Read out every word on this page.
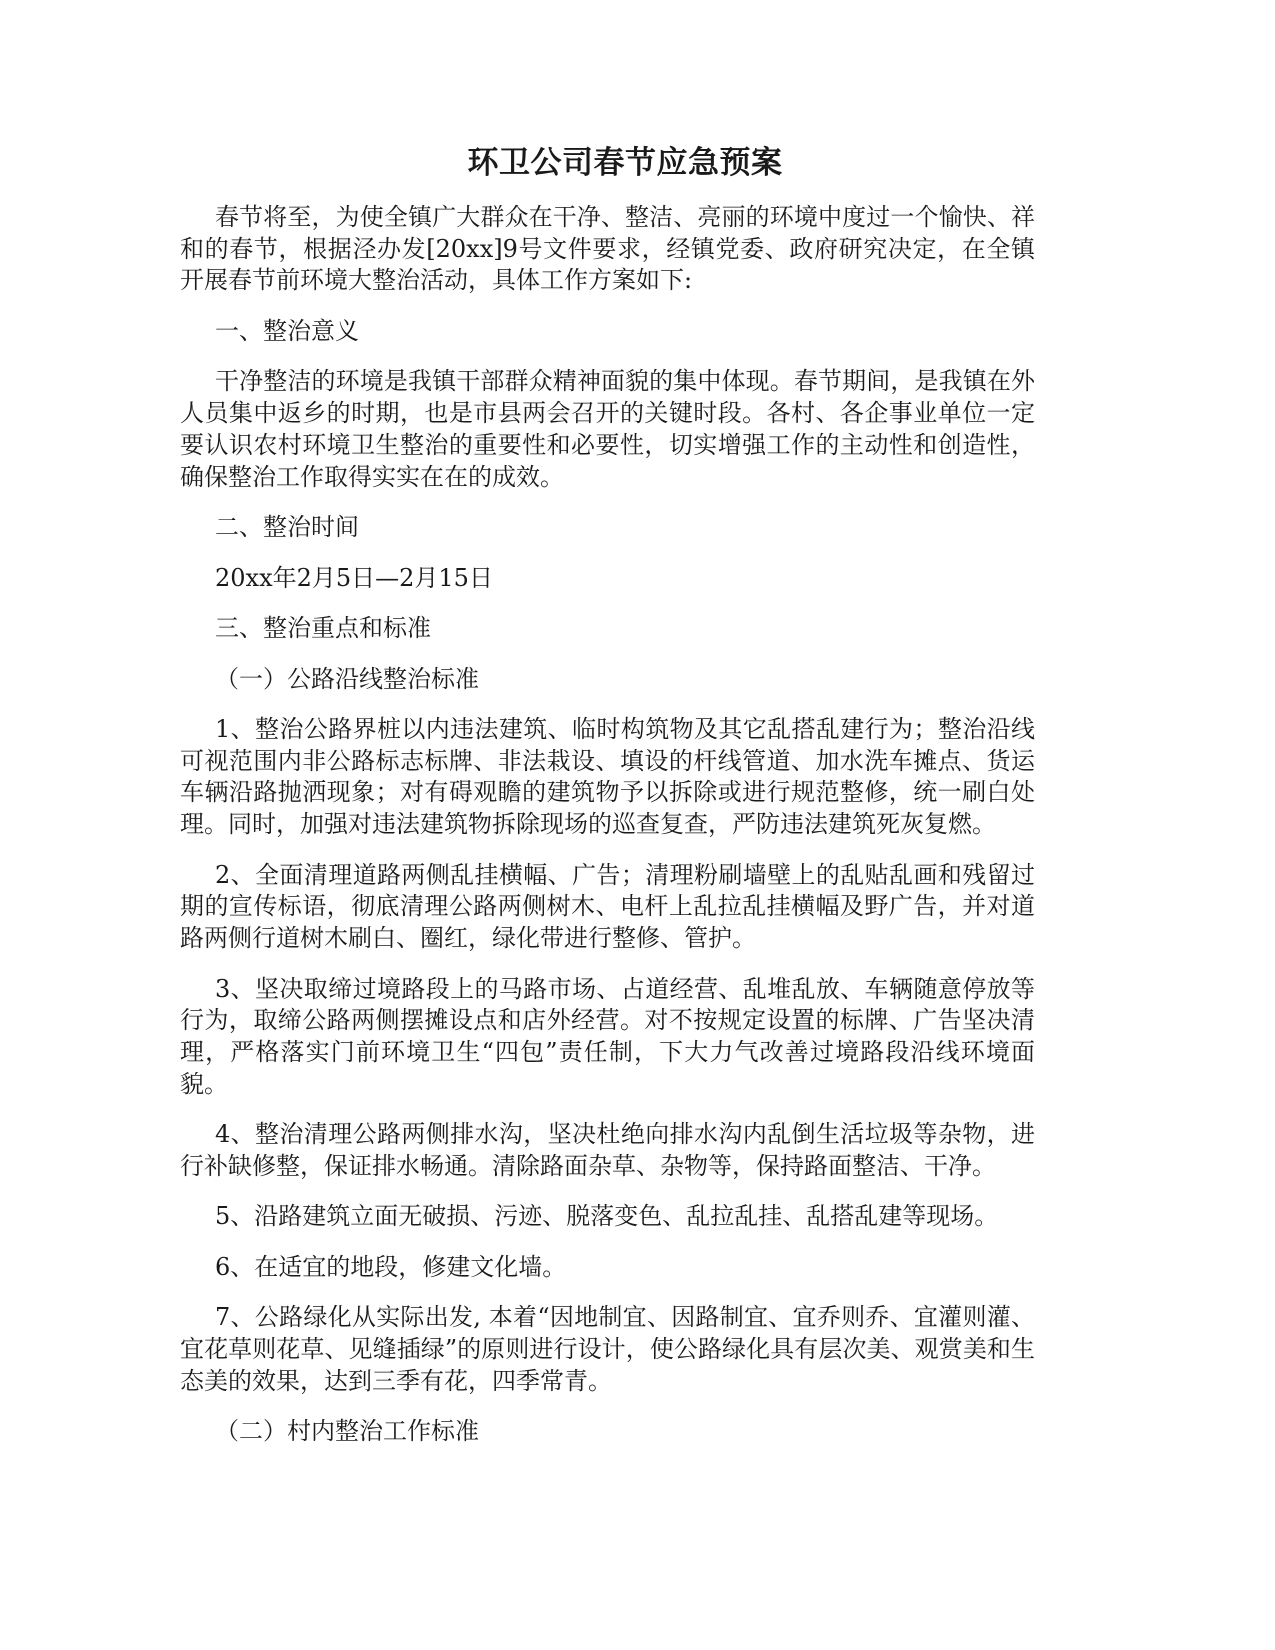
环卫公司春节应急预案

春节将至，为使全镇广大群众在干净、整洁、亮丽的环境中度过一个愉快、祥和的春节，根据泾办发[20xx]9号文件要求，经镇党委、政府研究决定，在全镇开展春节前环境大整治活动，具体工作方案如下:

一、整治意义

干净整洁的环境是我镇干部群众精神面貌的集中体现。春节期间，是我镇在外人员集中返乡的时期，也是市县两会召开的关键时段。各村、各企事业单位一定要认识农村环境卫生整治的重要性和必要性，切实增强工作的主动性和创造性，确保整治工作取得实实在在的成效。

二、整治时间

20xx年2月5日—2月15日

三、整治重点和标准

（一）公路沿线整治标准

1、整治公路界桩以内违法建筑、临时构筑物及其它乱搭乱建行为；整治沿线可视范围内非公路标志标牌、非法栽设、填设的杆线管道、加水洗车摊点、货运车辆沿路抛洒现象；对有碍观瞻的建筑物予以拆除或进行规范整修，统一刷白处理。同时，加强对违法建筑物拆除现场的巡查复查，严防违法建筑死灰复燃。

2、全面清理道路两侧乱挂横幅、广告；清理粉刷墙壁上的乱贴乱画和残留过期的宣传标语，彻底清理公路两侧树木、电杆上乱拉乱挂横幅及野广告，并对道路两侧行道树木刷白、圈红，绿化带进行整修、管护。

3、坚决取缔过境路段上的马路市场、占道经营、乱堆乱放、车辆随意停放等行为，取缔公路两侧摆摊设点和店外经营。对不按规定设置的标牌、广告坚决清理，严格落实门前环境卫生“四包”责任制，下大力气改善过境路段沿线环境面貌。

4、整治清理公路两侧排水沟，坚决杜绝向排水沟内乱倒生活垃圾等杂物，进行补缺修整，保证排水畅通。清除路面杂草、杂物等，保持路面整洁、干净。

5、沿路建筑立面无破损、污迹、脱落变色、乱拉乱挂、乱搭乱建等现场。

6、在适宜的地段，修建文化墙。

7、公路绿化从实际出发, 本着“因地制宜、因路制宜、宜乔则乔、宜灌则灌、宜花草则花草、见缝插绿”的原则进行设计，使公路绿化具有层次美、观赏美和生态美的效果，达到三季有花，四季常青。

（二）村内整治工作标准
